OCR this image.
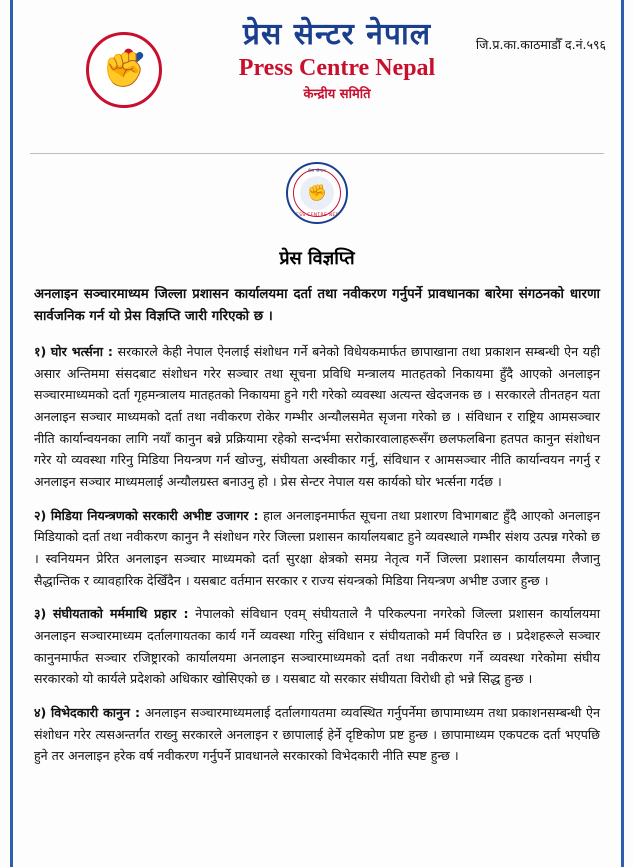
जि.प्र.का.काठमाडौँ द.नं.५९६
✊
प्रेस सेन्टर नेपाल
Press Centre Nepal
केन्द्रीय समिति
प्रेस सेन्टर
✊
PRESS CENTRE NEPAL
प्रेस विज्ञप्ति
अनलाइन सञ्चारमाध्यम जिल्ला प्रशासन कार्यालयमा दर्ता तथा नवीकरण गर्नुपर्ने प्रावधानका बारेमा संगठनको धारणा सार्वजनिक गर्न यो प्रेस विज्ञप्ति जारी गरिएको छ ।
१) घोर भर्त्सना : सरकारले केही नेपाल ऐनलाई संशोधन गर्ने बनेको विधेयकमार्फत छापाखाना तथा प्रकाशन सम्बन्धी ऐन यही असार अन्तिममा संसदबाट संशोधन गरेर सञ्चार तथा सूचना प्रविधि मन्त्रालय मातहतको निकायमा हुँदै आएको अनलाइन सञ्चारमाध्यमको दर्ता गृहमन्त्रालय मातहतको निकायमा हुने गरी गरेको व्यवस्था अत्यन्त खेदजनक छ । सरकारले तीनतहन यता अनलाइन सञ्चार माध्यमको दर्ता तथा नवीकरण रोकेर गम्भीर अन्यौलसमेत सृजना गरेको छ । संविधान र राष्ट्रिय आमसञ्चार नीति कार्यान्वयनका लागि नयाँ कानुन बन्ने प्रक्रियामा रहेको सन्दर्भमा सरोकारवालाहरूसँग छलफलबिना हतपत कानुन संशोधन गरेर यो व्यवस्था गरिनु मिडिया नियन्त्रण गर्न खोज्नु, संघीयता अस्वीकार गर्नु, संविधान र आमसञ्चार नीति कार्यान्वयन नगर्नु र अनलाइन सञ्चार माध्यमलाई अन्यौलग्रस्त बनाउनु हो । प्रेस सेन्टर नेपाल यस कार्यको घोर भर्त्सना गर्दछ ।
२) मिडिया नियन्त्रणको सरकारी अभीष्ट उजागर : हाल अनलाइनमार्फत सूचना तथा प्रशारण विभागबाट हुँदै आएको अनलाइन मिडियाको दर्ता तथा नवीकरण कानुन नै संशोधन गरेर जिल्ला प्रशासन कार्यालयबाट हुने व्यवस्थाले गम्भीर संशय उत्पन्न गरेको छ । स्वनियमन प्रेरित अनलाइन सञ्चार माध्यमको दर्ता सुरक्षा क्षेत्रको समग्र नेतृत्व गर्ने जिल्ला प्रशासन कार्यालयमा लैजानु सैद्धान्तिक र व्यावहारिक देखिँदैन । यसबाट वर्तमान सरकार र राज्य संयन्त्रको मिडिया नियन्त्रण अभीष्ट उजार हुन्छ ।
३) संघीयताको मर्ममाथि प्रहार : नेपालको संविधान एवम् संघीयताले नै परिकल्पना नगरेको जिल्ला प्रशासन कार्यालयमा अनलाइन सञ्चारमाध्यम दर्तालगायतका कार्य गर्ने व्यवस्था गरिनु संविधान र संघीयताको मर्म विपरित छ । प्रदेशहरूले सञ्चार कानुनमार्फत सञ्चार रजिष्ट्रारको कार्यालयमा अनलाइन सञ्चारमाध्यमको दर्ता तथा नवीकरण गर्ने व्यवस्था गरेकोमा संघीय सरकारको यो कार्यले प्रदेशको अधिकार खोसिएको छ । यसबाट यो सरकार संघीयता विरोधी हो भन्ने सिद्ध हुन्छ ।
४) विभेदकारी कानुन : अनलाइन सञ्चारमाध्यमलाई दर्तालगायतमा व्यवस्थित गर्नुपर्नेमा छापामाध्यम तथा प्रकाशनसम्बन्धी ऐन संशोधन गरेर त्यसअन्तर्गत राख्नु सरकारले अनलाइन र छापालाई हेर्ने दृष्टिकोण प्रष्ट हुन्छ । छापामाध्यम एकपटक दर्ता भएपछि हुने तर अनलाइन हरेक वर्ष नवीकरण गर्नुपर्ने प्रावधानले सरकारको विभेदकारी नीति स्पष्ट हुन्छ ।
